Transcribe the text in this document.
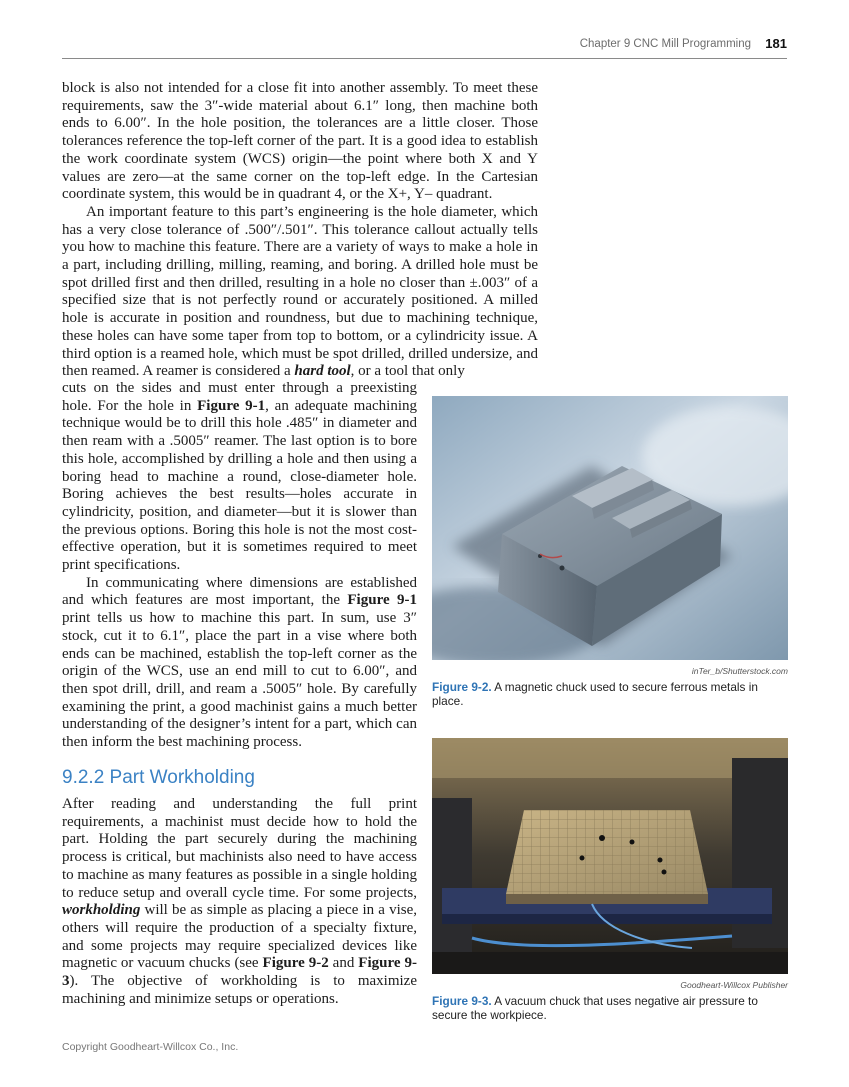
Chapter 9 CNC Mill Programming 181

block is also not intended for a close fit into another assembly. To meet these requirements, saw the 3″-wide material about 6.1″ long, then machine both ends to 6.00″. In the hole position, the tolerances are a little closer. Those tolerances reference the top-left corner of the part. It is a good idea to establish the work coordinate system (WCS) origin—the point where both X and Y values are zero—at the same corner on the top-left edge. In the Cartesian coordinate system, this would be in quadrant 4, or the X+, Y– quadrant.

An important feature to this part’s engineering is the hole diameter, which has a very close tolerance of .500″/.501″. This tolerance callout actually tells you how to machine this feature. There are a variety of ways to make a hole in a part, including drilling, milling, reaming, and boring. A drilled hole must be spot drilled first and then drilled, resulting in a hole no closer than ±.003″ of a specified size that is not perfectly round or accurately positioned. A milled hole is accurate in position and roundness, but due to machining technique, these holes can have some taper from top to bottom, or a cylindricity issue. A third option is a reamed hole, which must be spot drilled, drilled undersize, and then reamed. A reamer is considered a hard tool, or a tool that only

cuts on the sides and must enter through a preexisting hole. For the hole in Figure 9-1, an adequate machining technique would be to drill this hole .485″ in diameter and then ream with a .5005″ reamer. The last option is to bore this hole, accomplished by drilling a hole and then using a boring head to machine a round, close-diameter hole. Boring achieves the best results—holes accurate in cylindricity, position, and diameter—but it is slower than the previous options. Boring this hole is not the most cost-effective operation, but it is sometimes required to meet print specifications.

In communicating where dimensions are established and which features are most important, the Figure 9-1 print tells us how to machine this part. In sum, use 3″ stock, cut it to 6.1″, place the part in a vise where both ends can be machined, establish the top-left corner as the origin of the WCS, use an end mill to cut to 6.00″, and then spot drill, drill, and ream a .5005″ hole. By carefully examining the print, a good machinist gains a much better understanding of the designer’s intent for a part, which can then inform the best machining process.

9.2.2 Part Workholding

After reading and understanding the full print requirements, a machinist must decide how to hold the part. Holding the part securely during the machining process is critical, but machinists also need to have access to machine as many features as possible in a single holding to reduce setup and overall cycle time. For some projects, workholding will be as simple as placing a piece in a vise, others will require the production of a specialty fixture, and some projects may require specialized devices like magnetic or vacuum chucks (see Figure 9-2 and Figure 9-3). The objective of workholding is to maximize machining and minimize setups or operations.

inTer_b/Shutterstock.com
Figure 9-2. A magnetic chuck used to secure ferrous metals in place.
Goodheart-Willcox Publisher
Figure 9-3. A vacuum chuck that uses negative air pressure to secure the workpiece.
Copyright Goodheart-Willcox Co., Inc.
